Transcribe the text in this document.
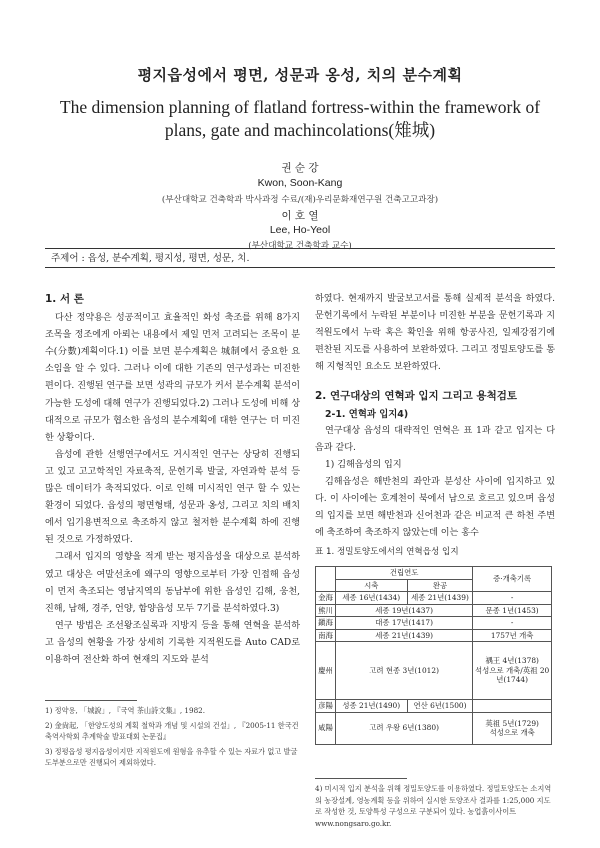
평지읍성에서 평면, 성문과 옹성, 치의 분수계획
The dimension planning of flatland fortress-within the framework of plans, gate and machincolations(雉城)
권 순 강
Kwon, Soon-Kang
(부산대학교 건축학과 박사과정 수료/(재)우리문화재연구원 건축고고과장)
이 호 열
Lee, Ho-Yeol
(부산대학교 건축학과 교수)
주제어 : 읍성, 분수계획, 평지성, 평면, 성문, 치.
1. 서 론

다산 정약용은 성공적이고 효율적인 화성 축조를 위해 8가지 조목을 정조에게 아뢰는 내용에서 제일 먼저 고려되는 조목이 분수(分數)계획이다.1) 이를 보면 분수계획은 城制에서 중요한 요소임을 알 수 있다. 그러나 이에 대한 기존의 연구성과는 미진한 편이다. 진행된 연구를 보면 성곽의 규모가 커서 분수계획 분석이 가능한 도성에 대해 연구가 진행되었다.2) 그러나 도성에 비해 상대적으로 규모가 협소한 읍성의 분수계획에 대한 연구는 더 미진한 상황이다.

읍성에 관한 선행연구에서도 거시적인 연구는 상당히 진행되고 있고 고고학적인 자료축적, 문헌기록 발굴, 자연과학 분석 등 많은 데이터가 축적되었다. 이로 인해 미시적인 연구 할 수 있는 환경이 되었다. 읍성의 평면형태, 성문과 옹성, 그리고 치의 배치에서 입기용변적으로 축조하지 않고 철저한 분수계획 하에 진행된 것으로 가정하였다.

그래서 입지의 영향을 적게 받는 평지읍성을 대상으로 분석하였고 대상은 여말선초에 왜구의 영향으로부터 가장 인접해 읍성이 먼저 축조되는 영남지역의 동남부에 위한 읍성인 김해, 웅천, 진해, 남해, 경주, 언양, 함양읍성 모두 7기를 분석하였다.3)

연구 방법은 조선왕조실록과 지방지 등을 통해 연혁을 분석하고 읍성의 현황을 가장 상세히 기록한 지적원도를 Auto CAD로 이용하여 전산화 하여 현재의 지도와 분석

1) 정약용, 「城說」, 『국역 茶山詩文集』, 1982.
2) 金尙起, 「한양도성의 계획 철학과 개념 및 시설의 건설」, 『2005-11 한국건축역사학회 추계학술 발표대회 논문집』
3) 정평읍성 평지읍성이지만 지적원도에 원형을 유추할 수 있는 자료가 없고 발굴도부분으로만 진행되어 제외하였다.

하였다. 현재까지 발굴보고서를 통해 실제적 분석을 하였다. 문헌기록에서 누락된 부분이나 미진한 부분을 문헌기록과 지적원도에서 누락 혹은 확인을 위해 항공사진, 일제강점기에 편찬된 지도를 사용하여 보완하였다. 그리고 정밀토양도를 통해 지형적인 요소도 보완하였다.

2. 연구대상의 연혁과 입지 그리고 용척검토
2-1. 연혁과 입지4)

연구대상 읍성의 대략적인 연혁은 표 1과 같고 입지는 다음과 같다.

1) 김해읍성의 입지

김해읍성은 해반천의 좌안과 분성산 사이에 입지하고 있다. 이 사이에는 호계천이 북에서 남으로 흐르고 있으며 읍성의 입지를 보면 해반천과 신어천과 같은 비교적 큰 하천 주변에 축조하여 축조하지 않았는데 이는 홍수

표 1. 정밀토양도에서의 연혁읍성 입지
	건립연도		증·개축기록
	시축	완공	
金海	세종 16년(1434)	세종 21년(1439)	-
熊川	세종 19년(1437)		문종 1년(1453)
鎭海	대종 17년(1417)		-
南海	세종 21년(1439)		1757년 개축
慶州	고려 현종 3년(1012)		禑王 4년(1378)
석성으로 개축/英祖 20년(1744)
彦陽	성종 21년(1490)	연산 6년(1500)	
咸陽	고려 우왕 6년(1380)		英祖 5년(1729)
석성으로 개축
4) 미시적 입지 분석을 위해 정밀토양도를 이용하였다. 정밀토양도는 소지역의 농장설계, 영농계획 등을 위하여 실시한 토양조사 결과를 1:25,000 지도로 작성한 것, 토양특성 구성으로 구분되어 있다. 농업흙이사이트 www.nongsaro.go.kr.
